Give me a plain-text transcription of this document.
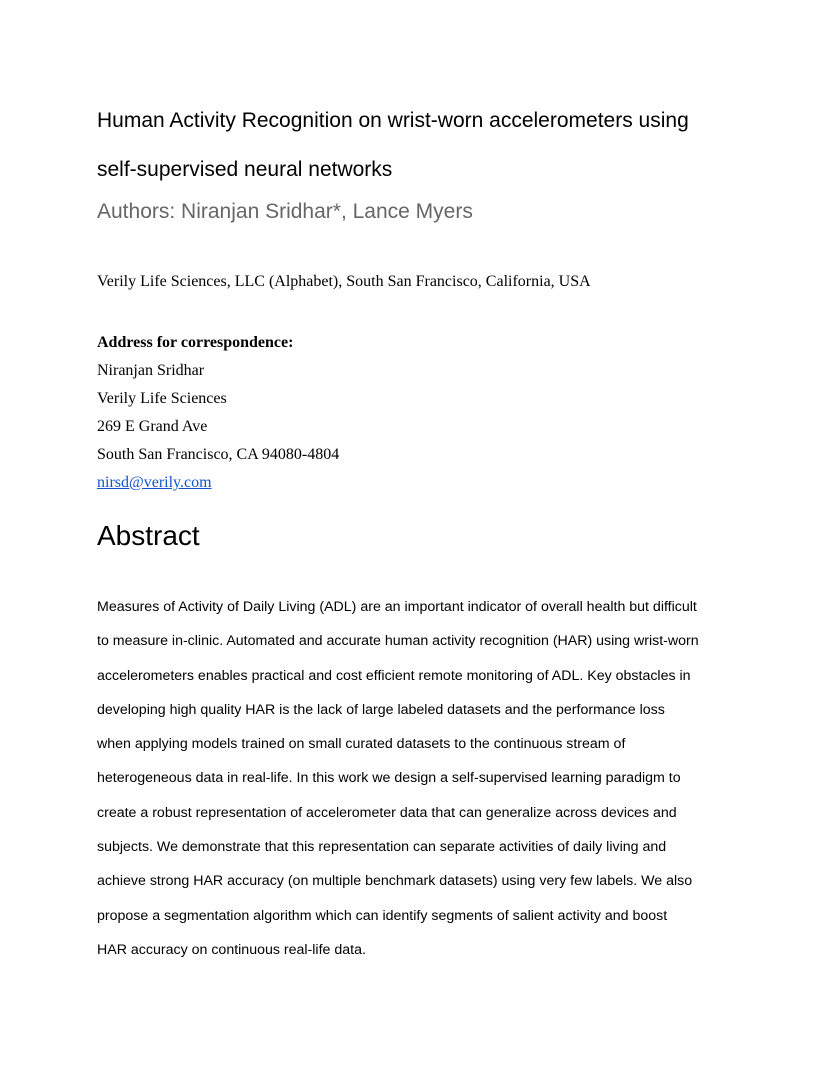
Human Activity Recognition on wrist-worn accelerometers using
self-supervised neural networks
Authors: Niranjan Sridhar*, Lance Myers
Verily Life Sciences, LLC (Alphabet), South San Francisco, California, USA
Address for correspondence:
Niranjan Sridhar
Verily Life Sciences
269 E Grand Ave
South San Francisco, CA 94080-4804
nirsd@verily.com
Abstract
Measures of Activity of Daily Living (ADL) are an important indicator of overall health but difficult
to measure in-clinic. Automated and accurate human activity recognition (HAR) using wrist-worn
accelerometers enables practical and cost efficient remote monitoring of ADL. Key obstacles in
developing high quality HAR is the lack of large labeled datasets and the performance loss
when applying models trained on small curated datasets to the continuous stream of
heterogeneous data in real-life. In this work we design a self-supervised learning paradigm to
create a robust representation of accelerometer data that can generalize across devices and
subjects. We demonstrate that this representation can separate activities of daily living and
achieve strong HAR accuracy (on multiple benchmark datasets) using very few labels. We also
propose a segmentation algorithm which can identify segments of salient activity and boost
HAR accuracy on continuous real-life data.
